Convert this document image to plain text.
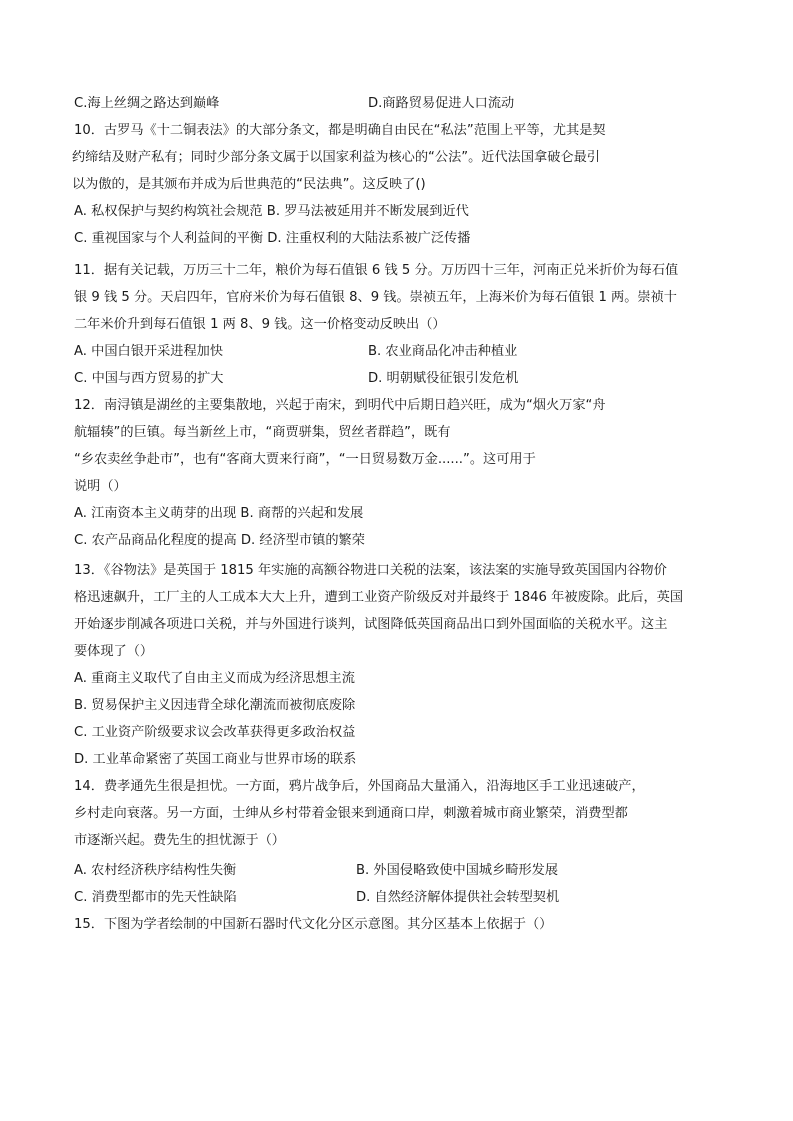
C.海上丝绸之路达到巅峰	D.商路贸易促进人口流动
10．古罗马《十二铜表法》的大部分条文，都是明确自由民在“私法”范围上平等，尤其是契
约缔结及财产私有；同时少部分条文属于以国家利益为核心的“公法”。近代法国拿破仑最引
以为傲的，是其颁布并成为后世典范的“民法典”。这反映了()
A. 私权保护与契约构筑社会规范 B. 罗马法被延用并不断发展到近代
C. 重视国家与个人利益间的平衡 D. 注重权利的大陆法系被广泛传播
11．据有关记载，万历三十二年，粮价为每石值银 6 钱 5 分。万历四十三年，河南正兑米折价为每石值
银 9 钱 5 分。天启四年，官府米价为每石值银 8、9 钱。崇祯五年，上海米价为每石值银 1 两。崇祯十
二年米价升到每石值银 1 两 8、9 钱。这一价格变动反映出（）
A. 中国白银开采进程加快	B. 农业商品化冲击种植业
C. 中国与西方贸易的扩大	D. 明朝赋役征银引发危机
12．南浔镇是湖丝的主要集散地，兴起于南宋，到明代中后期日趋兴旺，成为“烟火万家“舟
航辐辏”的巨镇。每当新丝上市，“商贾骈集，贸丝者群趋”，既有
“乡农卖丝争赴市”，也有“客商大贾来行商”，“一日贸易数万金......”。这可用于
说明（）
A. 江南资本主义萌芽的出现 B. 商帮的兴起和发展
C. 农产品商品化程度的提高 D. 经济型市镇的繁荣
13．《谷物法》是英国于 1815 年实施的高额谷物进口关税的法案，该法案的实施导致英国国内谷物价
格迅速飙升，工厂主的人工成本大大上升，遭到工业资产阶级反对并最终于 1846 年被废除。此后，英国
开始逐步削减各项进口关税，并与外国进行谈判，试图降低英国商品出口到外国面临的关税水平。这主
要体现了（）
A. 重商主义取代了自由主义而成为经济思想主流
B. 贸易保护主义因违背全球化潮流而被彻底废除
C. 工业资产阶级要求议会改革获得更多政治权益
D. 工业革命紧密了英国工商业与世界市场的联系
14．费孝通先生很是担忧。一方面，鸦片战争后，外国商品大量涌入，沿海地区手工业迅速破产，
乡村走向衰落。另一方面，士绅从乡村带着金银来到通商口岸，刺激着城市商业繁荣，消费型都
市逐渐兴起。费先生的担忧源于（）
A. 农村经济秩序结构性失衡	B. 外国侵略致使中国城乡畸形发展
C. 消费型都市的先天性缺陷	D. 自然经济解体提供社会转型契机
15．下图为学者绘制的中国新石器时代文化分区示意图。其分区基本上依据于（）
